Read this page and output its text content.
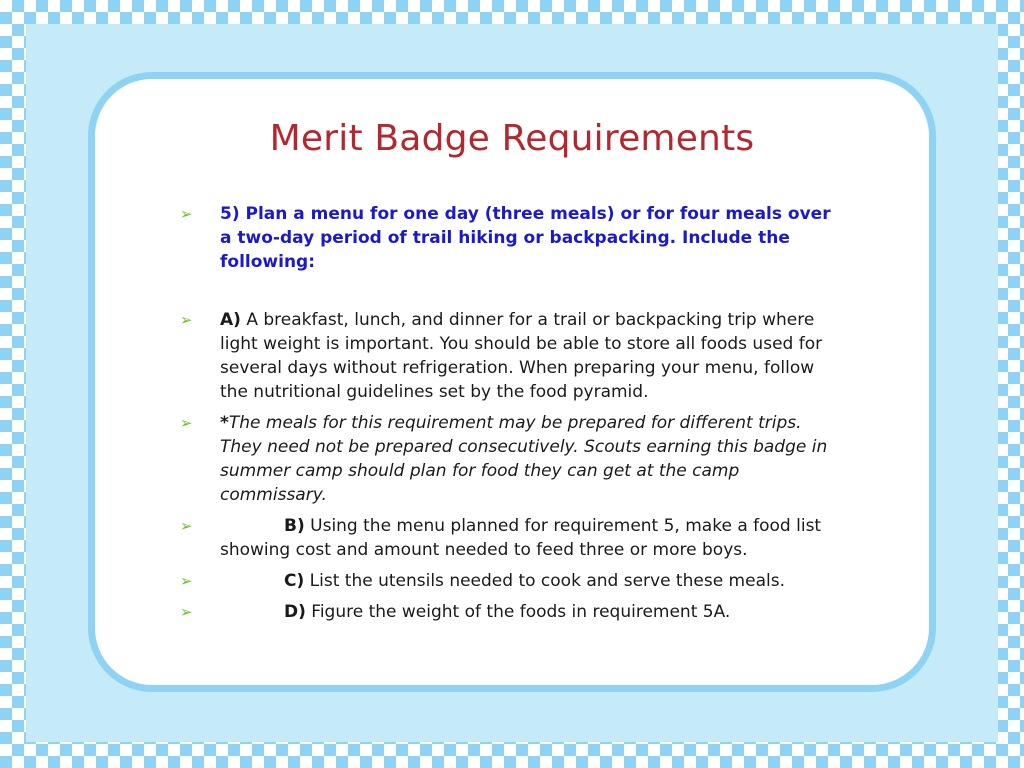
Merit Badge Requirements
➢ 5) Plan a menu for one day (three meals) or for four meals over a two-day period of trail hiking or backpacking. Include the following:
➢ A) A breakfast, lunch, and dinner for a trail or backpacking trip where light weight is important. You should be able to store all foods used for several days without refrigeration. When preparing your menu, follow the nutritional guidelines set by the food pyramid.
➢ *The meals for this requirement may be prepared for different trips. They need not be prepared consecutively. Scouts earning this badge in summer camp should plan for food they can get at the camp commissary.
➢	B) Using the menu planned for requirement 5, make a food list showing cost and amount needed to feed three or more boys.
➢	C) List the utensils needed to cook and serve these meals.
➢	D) Figure the weight of the foods in requirement 5A.
